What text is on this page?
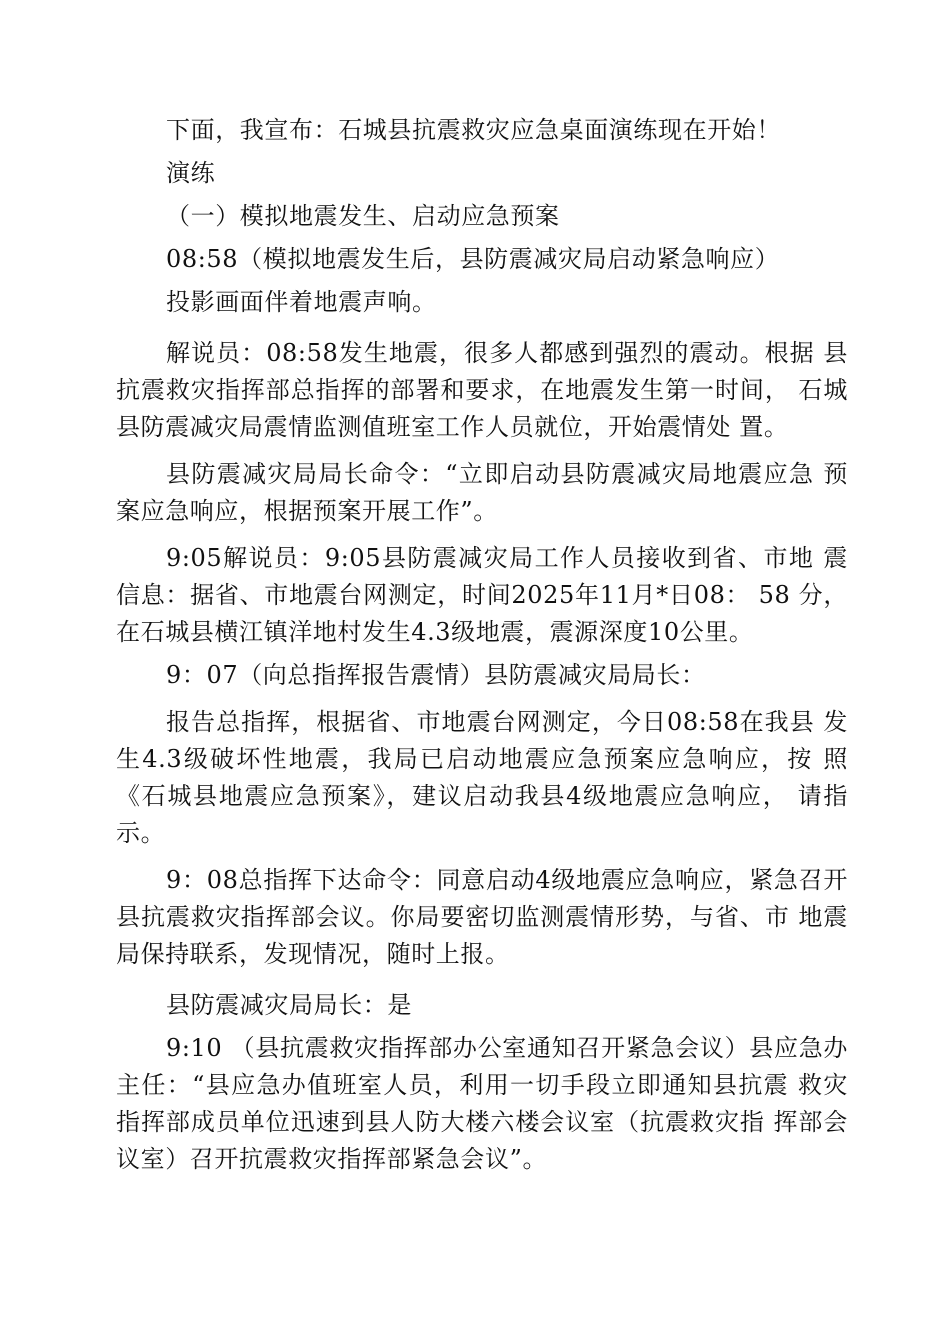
下面，我宣布：石城县抗震救灾应急桌面演练现在开始！

演练

（一）模拟地震发生、启动应急预案

08:58（模拟地震发生后，县防震减灾局启动紧急响应）

投影画面伴着地震声响。

解说员：08:58发生地震，很多人都感到强烈的震动。根据 县抗震救灾指挥部总指挥的部署和要求，在地震发生第一时间， 石城县防震减灾局震情监测值班室工作人员就位，开始震情处 置。

县防震减灾局局长命令：“立即启动县防震减灾局地震应急 预案应急响应，根据预案开展工作”。

9:05解说员：9:05县防震减灾局工作人员接收到省、市地 震信息：据省、市地震台网测定，时间2025年11月*日08： 58 分，在石城县横江镇洋地村发生4.3级地震，震源深度10公里。

9：07（向总指挥报告震情）县防震减灾局局长：

报告总指挥，根据省、市地震台网测定，今日08:58在我县 发生4.3级破坏性地震，我局已启动地震应急预案应急响应，按 照《石城县地震应急预案》，建议启动我县4级地震应急响应， 请指示。

9：08总指挥下达命令：同意启动4级地震应急响应，紧急召开县抗震救灾指挥部会议。你局要密切监测震情形势，与省、市 地震局保持联系，发现情况，随时上报。

县防震减灾局局长：是

9:10 （县抗震救灾指挥部办公室通知召开紧急会议）县应急办主任：“县应急办值班室人员，利用一切手段立即通知县抗震 救灾指挥部成员单位迅速到县人防大楼六楼会议室（抗震救灾指 挥部会议室）召开抗震救灾指挥部紧急会议”。
